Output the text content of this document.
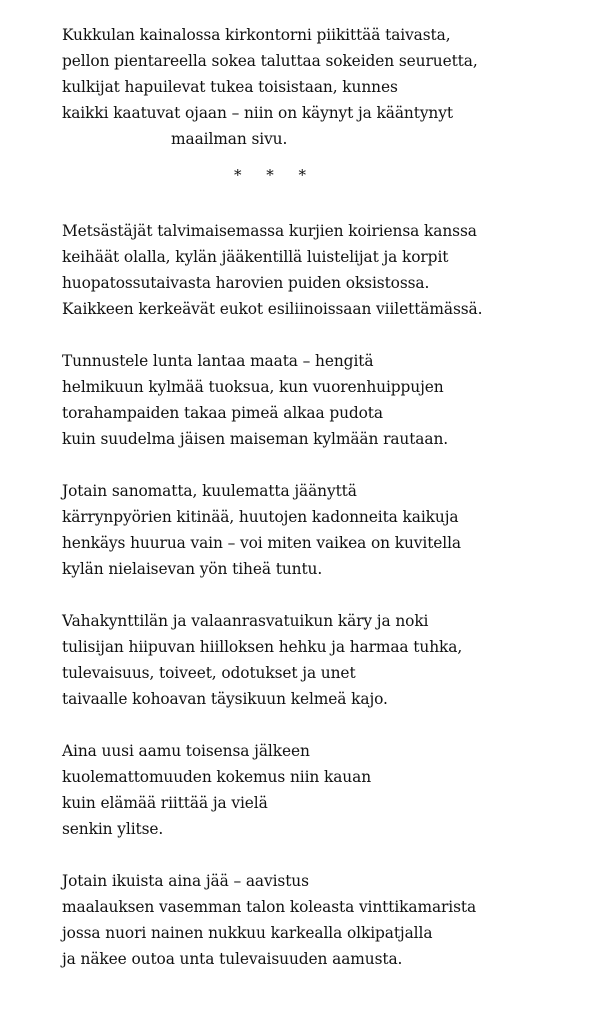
Kukkulan kainalossa kirkontorni piikittää taivasta,
pellon pientareella sokea taluttaa sokeiden seuruetta,
kulkijat hapuilevat tukea toisistaan, kunnes
kaikki kaatuvat ojaan – niin on käynyt ja kääntynyt
maailman sivu.
* * *
Metsästäjät talvimaisemassa kurjien koiriensa kanssa
keihäät olalla, kylän jääkentillä luistelijat ja korpit
huopatossutaivasta harovien puiden oksistossa.
Kaikkeen kerkeävät eukot esiliinoissaan viilettämässä.
Tunnustele lunta lantaa maata – hengitä
helmikuun kylmää tuoksua, kun vuorenhuippujen
torahampaiden takaa pimeä alkaa pudota
kuin suudelma jäisen maiseman kylmään rautaan.
Jotain sanomatta, kuulematta jäänyttä
kärrynpyörien kitinää, huutojen kadonneita kaikuja
henkäys huurua vain – voi miten vaikea on kuvitella
kylän nielaisevan yön tiheä tuntu.
Vahakynttilän ja valaanrasvatuikun käry ja noki
tulisijan hiipuvan hiilloksen hehku ja harmaa tuhka,
tulevaisuus, toiveet, odotukset ja unet
taivaalle kohoavan täysikuun kelmeä kajo.
Aina uusi aamu toisensa jälkeen
kuolemattomuuden kokemus niin kauan
kuin elämää riittää ja vielä
senkin ylitse.
Jotain ikuista aina jää – aavistus
maalauksen vasemman talon koleasta vinttikamarista
jossa nuori nainen nukkuu karkealla olkipatjalla
ja näkee outoa unta tulevaisuuden aamusta.
